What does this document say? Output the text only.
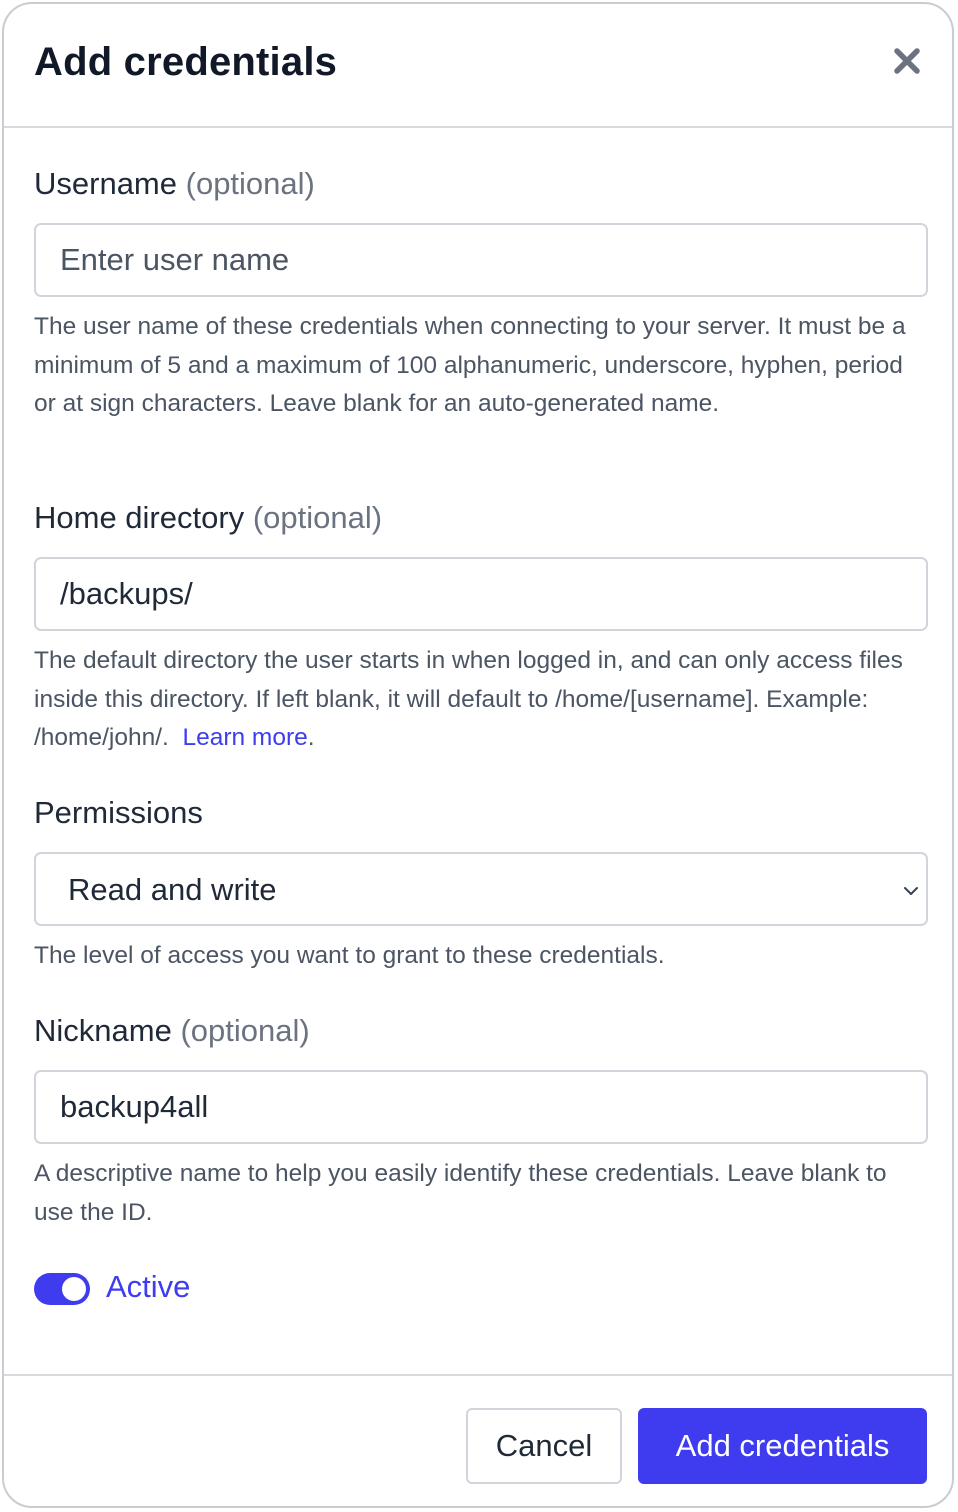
Add credentials
Username (optional)
Enter user name
The user name of these credentials when connecting to your server. It must be a minimum of 5 and a maximum of 100 alphanumeric, underscore, hyphen, period or at sign characters. Leave blank for an auto-generated name.
Home directory (optional)
/backups/
The default directory the user starts in when logged in, and can only access files inside this directory. If left blank, it will default to /home/[username]. Example: /home/john/. Learn more.
Permissions
Read and write
The level of access you want to grant to these credentials.
Nickname (optional)
backup4all
A descriptive name to help you easily identify these credentials. Leave blank to use the ID.
Active
Cancel	Add credentials
